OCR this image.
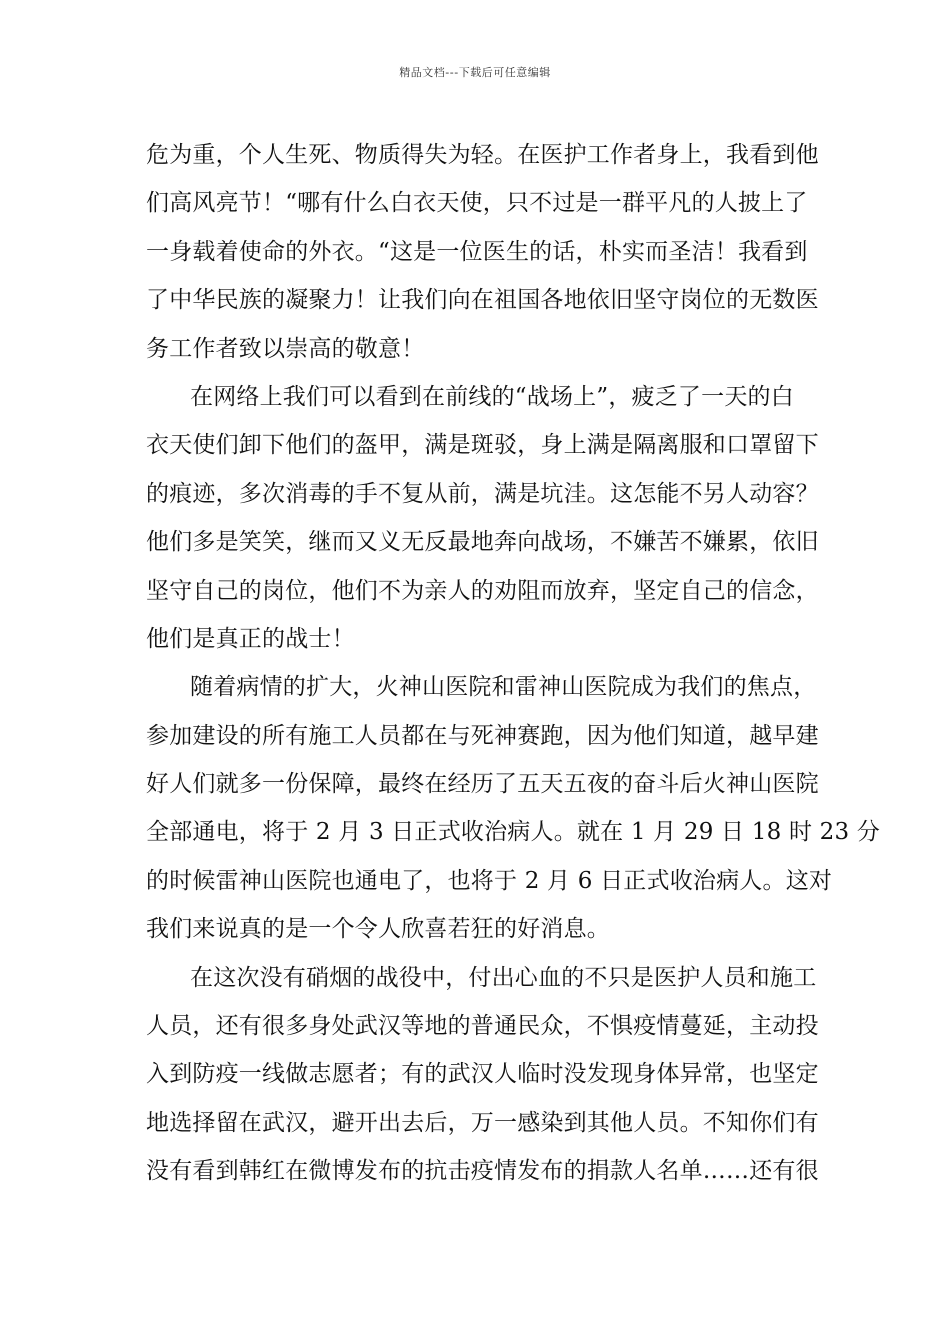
精品文档---下载后可任意编辑
危为重，个人生死、物质得失为轻。在医护工作者身上，我看到他
们高风亮节！“哪有什么白衣天使，只不过是一群平凡的人披上了
一身载着使命的外衣。“这是一位医生的话，朴实而圣洁！我看到
了中华民族的凝聚力！让我们向在祖国各地依旧坚守岗位的无数医
务工作者致以崇高的敬意！
在网络上我们可以看到在前线的“战场上”，疲乏了一天的白
衣天使们卸下他们的盔甲，满是斑驳，身上满是隔离服和口罩留下
的痕迹，多次消毒的手不复从前，满是坑洼。这怎能不另人动容？
他们多是笑笑，继而又义无反最地奔向战场，不嫌苦不嫌累，依旧
坚守自己的岗位，他们不为亲人的劝阻而放弃，坚定自己的信念，
他们是真正的战士！
随着病情的扩大，火神山医院和雷神山医院成为我们的焦点，
参加建设的所有施工人员都在与死神赛跑，因为他们知道，越早建
好人们就多一份保障，最终在经历了五天五夜的奋斗后火神山医院
全部通电，将于 2 月 3 日正式收治病人。就在 1 月 29 日 18 时 23 分
的时候雷神山医院也通电了，也将于 2 月 6 日正式收治病人。这对
我们来说真的是一个令人欣喜若狂的好消息。
在这次没有硝烟的战役中，付出心血的不只是医护人员和施工
人员，还有很多身处武汉等地的普通民众，不惧疫情蔓延，主动投
入到防疫一线做志愿者；有的武汉人临时没发现身体异常，也坚定
地选择留在武汉，避开出去后，万一感染到其他人员。不知你们有
没有看到韩红在微博发布的抗击疫情发布的捐款人名单……还有很
